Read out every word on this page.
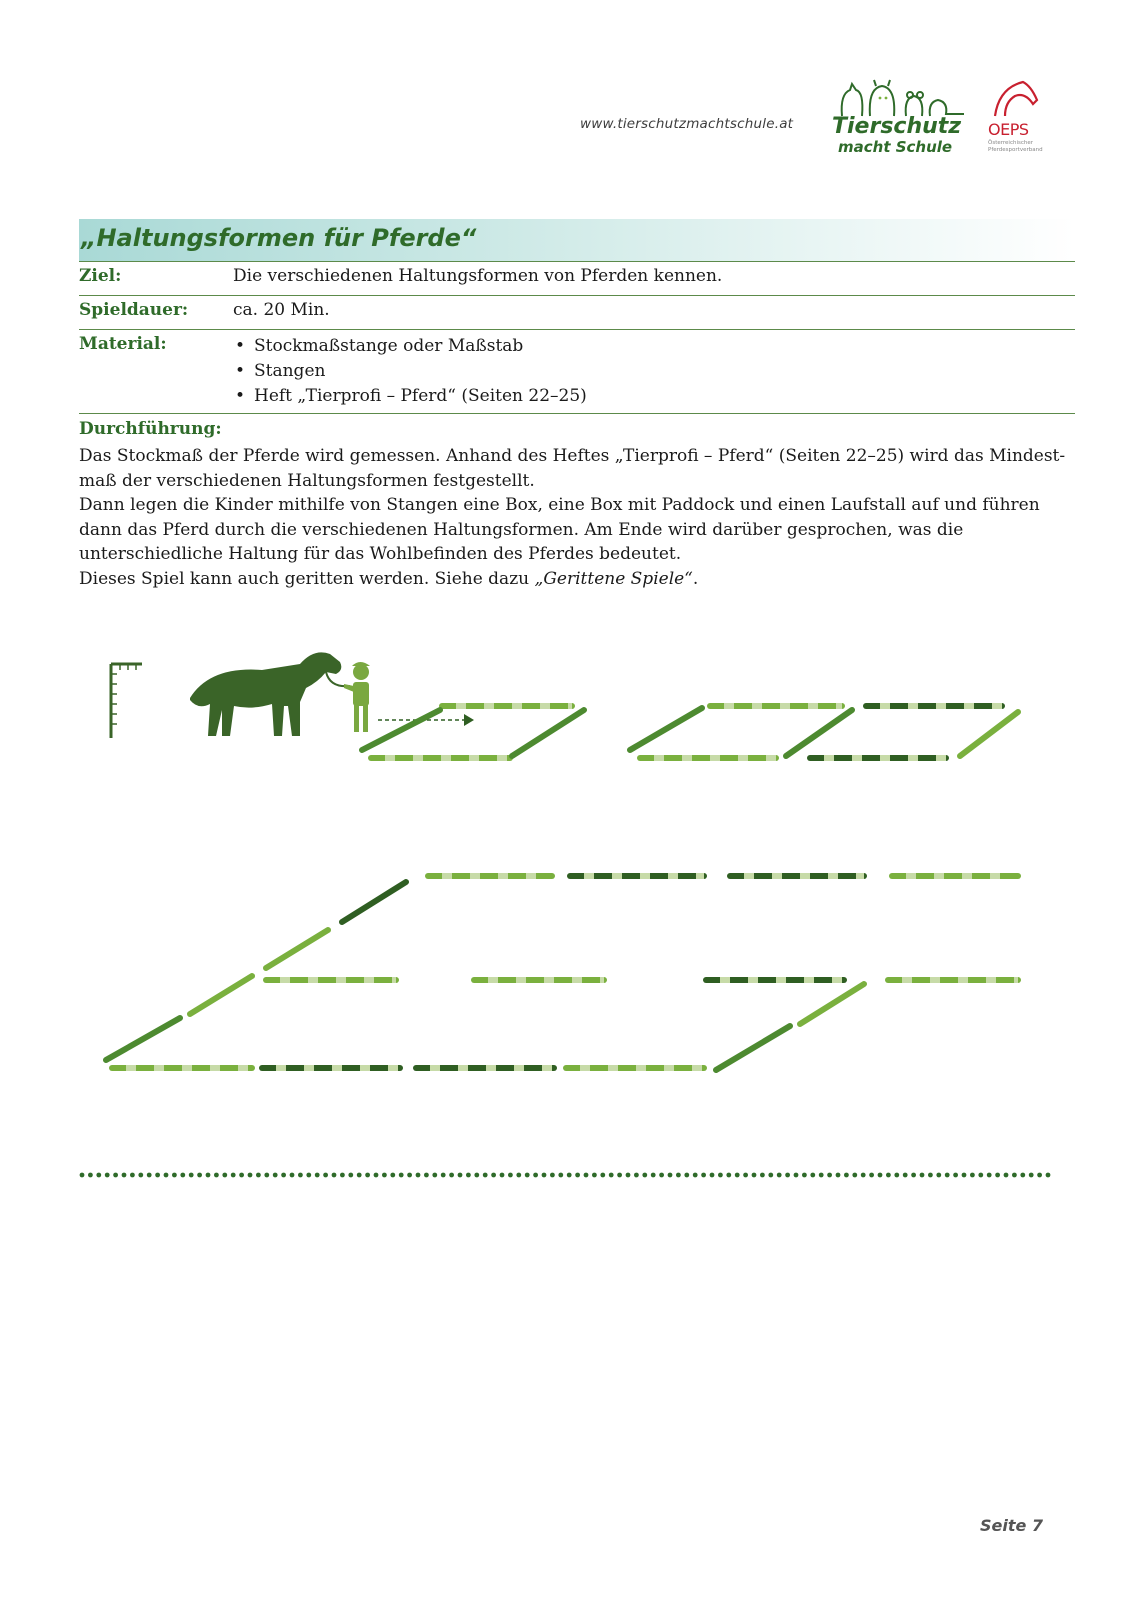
www.tierschutzmachtschule.at Tierschutz
macht Schule
OEPS
Österreichischer Pferdesportverband
„Haltungsformen für Pferde“
Ziel:	Die verschiedenen Haltungsformen von Pferden kennen.
Spieldauer:	ca. 20 Min.
Material:
•	Stockmaßstange oder Maßstab
• Stangen
• Heft „Tierprofi – Pferd“ (Seiten 22–25)
Durchführung:

Das Stockmaß der Pferde wird gemessen. Anhand des Heftes „Tierprofi – Pferd“ (Seiten 22–25) wird das Mindest-maß der verschiedenen Haltungsformen festgestellt.

Dann legen die Kinder mithilfe von Stangen eine Box, eine Box mit Paddock und einen Laufstall auf und führen dann das Pferd durch die verschiedenen Haltungsformen. Am Ende wird darüber gesprochen, was die unterschiedliche Haltung für das Wohlbefinden des Pferdes bedeutet.

Dieses Spiel kann auch geritten werden. Siehe dazu „Gerittene Spiele“.

Seite 7
